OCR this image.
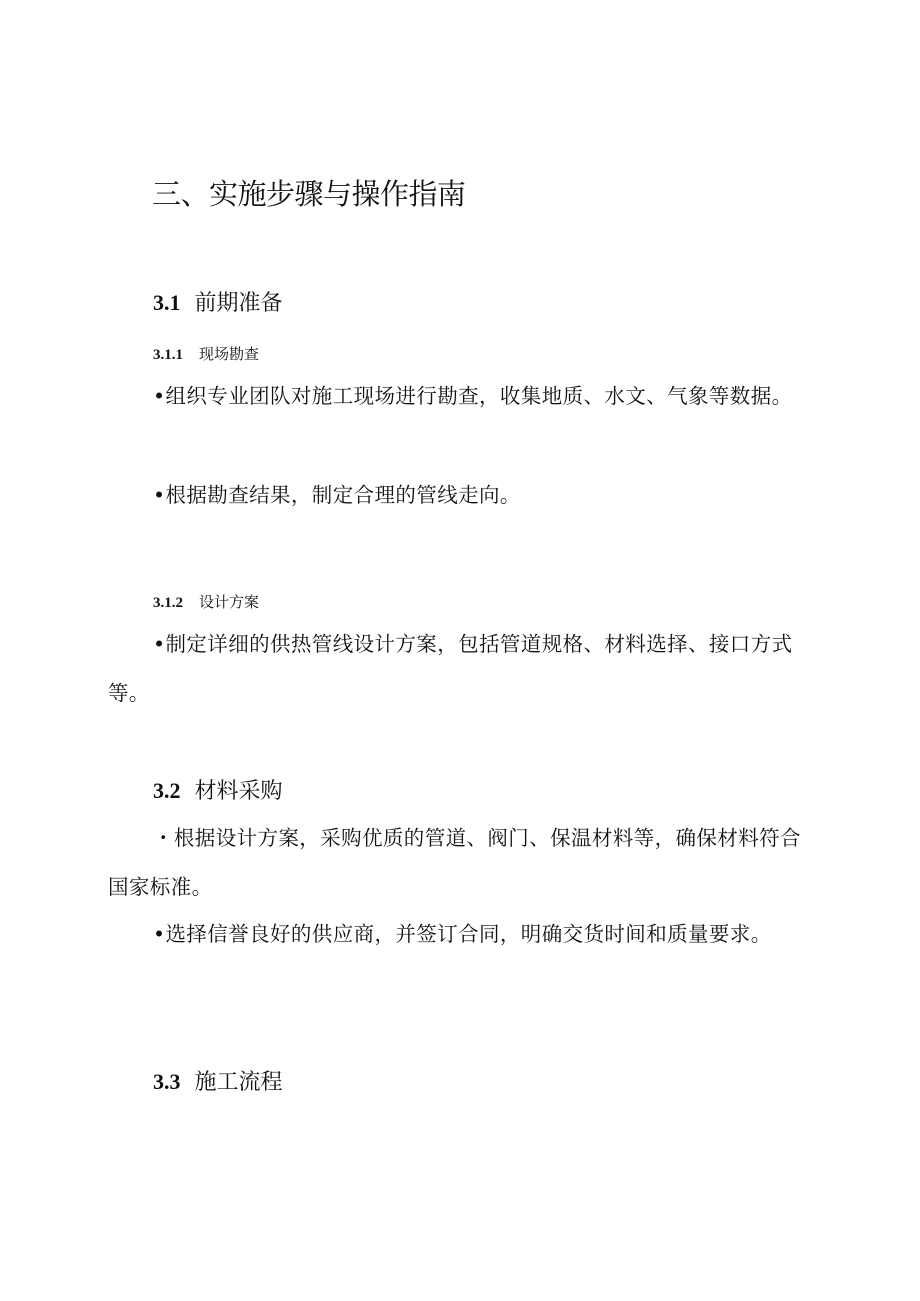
三、实施步骤与操作指南
3.1 前期准备
3.1.1 现场勘查

•组织专业团队对施工现场进行勘查，收集地质、水文、气象等数据。

•根据勘查结果，制定合理的管线走向。

3.1.2 设计方案

•制定详细的供热管线设计方案，包括管道规格、材料选择、接口方式等。

3.2 材料采购

・根据设计方案，采购优质的管道、阀门、保温材料等，确保材料符合国家标准。

•选择信誉良好的供应商，并签订合同，明确交货时间和质量要求。

3.3 施工流程
